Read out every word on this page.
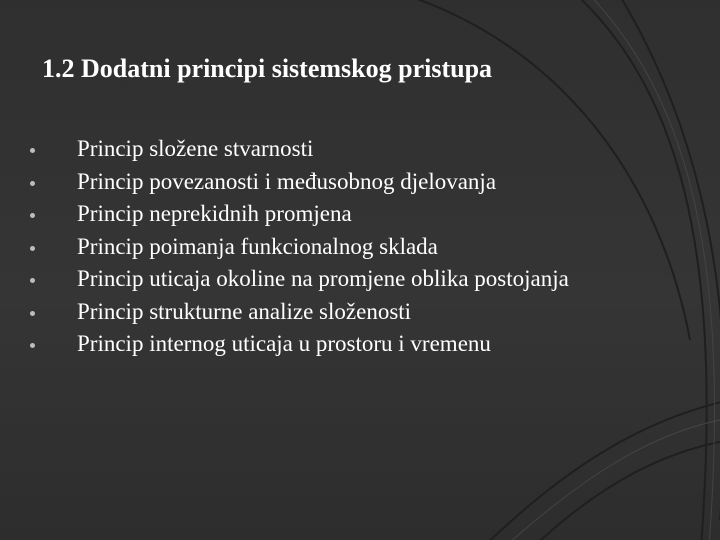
1.2 Dodatni principi sistemskog pristupa
Princip složene stvarnosti
Princip povezanosti i međusobnog djelovanja
Princip neprekidnih promjena
Princip poimanja funkcionalnog sklada
Princip uticaja okoline na promjene oblika postojanja
Princip strukturne analize složenosti
Princip internog uticaja u prostoru i vremenu
